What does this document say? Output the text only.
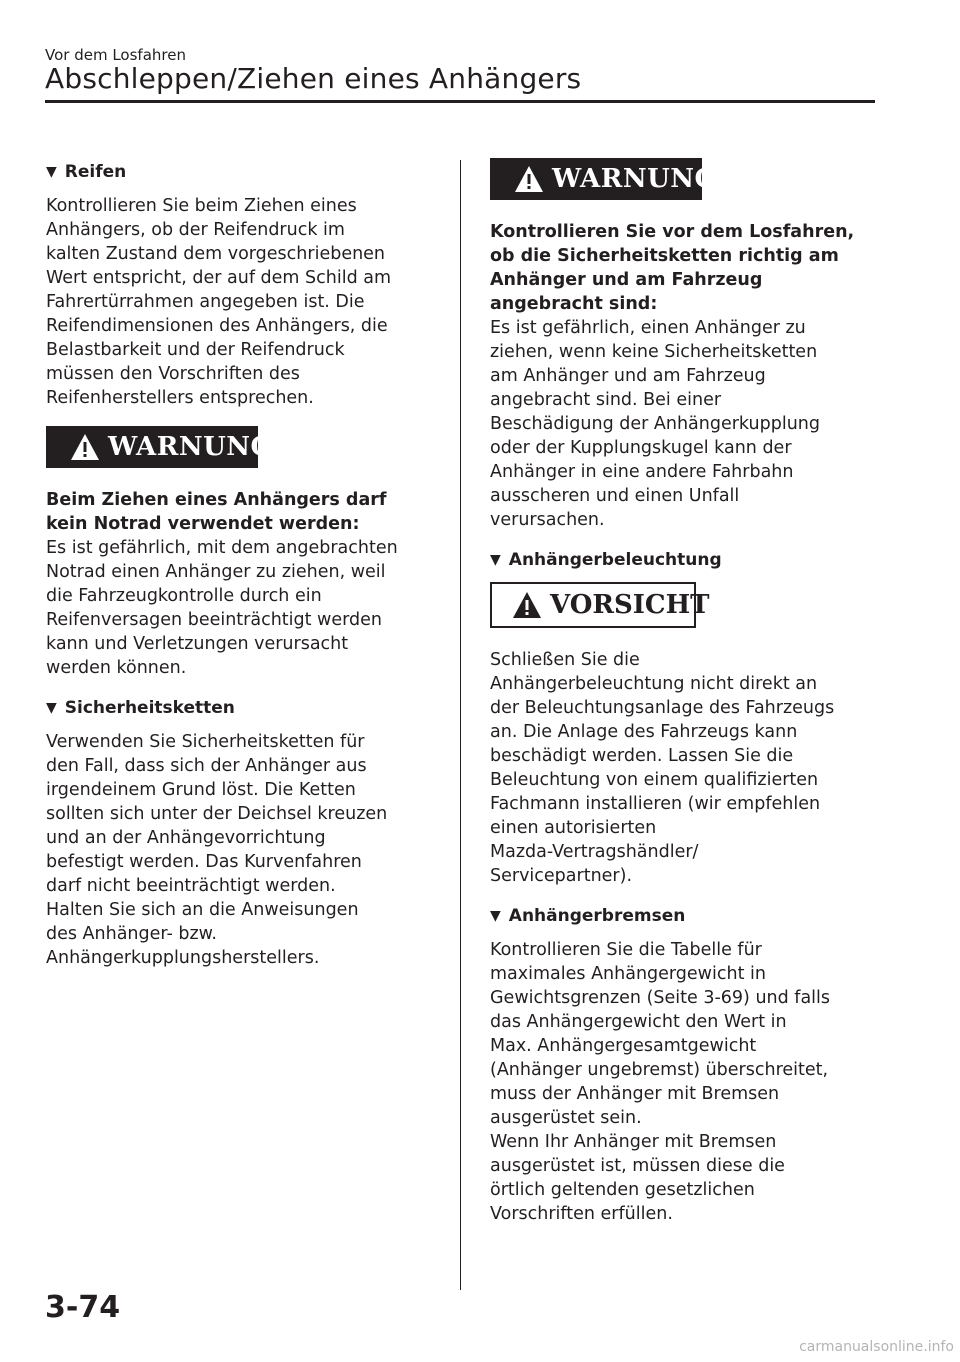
Vor dem Losfahren
Abschleppen/Ziehen eines Anhängers
▼ Reifen

Kontrollieren Sie beim Ziehen eines
Anhängers, ob der Reifendruck im
kalten Zustand dem vorgeschriebenen
Wert entspricht, der auf dem Schild am
Fahrertürrahmen angegeben ist. Die
Reifendimensionen des Anhängers, die
Belastbarkeit und der Reifendruck
müssen den Vorschriften des
Reifenherstellers entsprechen.

WARNUNG

Beim Ziehen eines Anhängers darf
kein Notrad verwendet werden:

Es ist gefährlich, mit dem angebrachten
Notrad einen Anhänger zu ziehen, weil
die Fahrzeugkontrolle durch ein
Reifenversagen beeinträchtigt werden
kann und Verletzungen verursacht
werden können.

▼ Sicherheitsketten

Verwenden Sie Sicherheitsketten für
den Fall, dass sich der Anhänger aus
irgendeinem Grund löst. Die Ketten
sollten sich unter der Deichsel kreuzen
und an der Anhängevorrichtung
befestigt werden. Das Kurvenfahren
darf nicht beeinträchtigt werden.
Halten Sie sich an die Anweisungen
des Anhänger- bzw.
Anhängerkupplungsherstellers.

WARNUNG

Kontrollieren Sie vor dem Losfahren,
ob die Sicherheitsketten richtig am
Anhänger und am Fahrzeug
angebracht sind:

Es ist gefährlich, einen Anhänger zu
ziehen, wenn keine Sicherheitsketten
am Anhänger und am Fahrzeug
angebracht sind. Bei einer
Beschädigung der Anhängerkupplung
oder der Kupplungskugel kann der
Anhänger in eine andere Fahrbahn
ausscheren und einen Unfall
verursachen.

▼ Anhängerbeleuchtung
VORSICHT

Schließen Sie die
Anhängerbeleuchtung nicht direkt an
der Beleuchtungsanlage des Fahrzeugs
an. Die Anlage des Fahrzeugs kann
beschädigt werden. Lassen Sie die
Beleuchtung von einem qualifizierten
Fachmann installieren (wir empfehlen
einen autorisierten
Mazda-Vertragshändler/
Servicepartner).

▼ Anhängerbremsen

Kontrollieren Sie die Tabelle für
maximales Anhängergewicht in
Gewichtsgrenzen (Seite 3-69) und falls
das Anhängergewicht den Wert in
Max. Anhängergesamtgewicht
(Anhänger ungebremst) überschreitet,
muss der Anhänger mit Bremsen
ausgerüstet sein.
Wenn Ihr Anhänger mit Bremsen
ausgerüstet ist, müssen diese die
örtlich geltenden gesetzlichen
Vorschriften erfüllen.

3-74
carmanualsonline.info
